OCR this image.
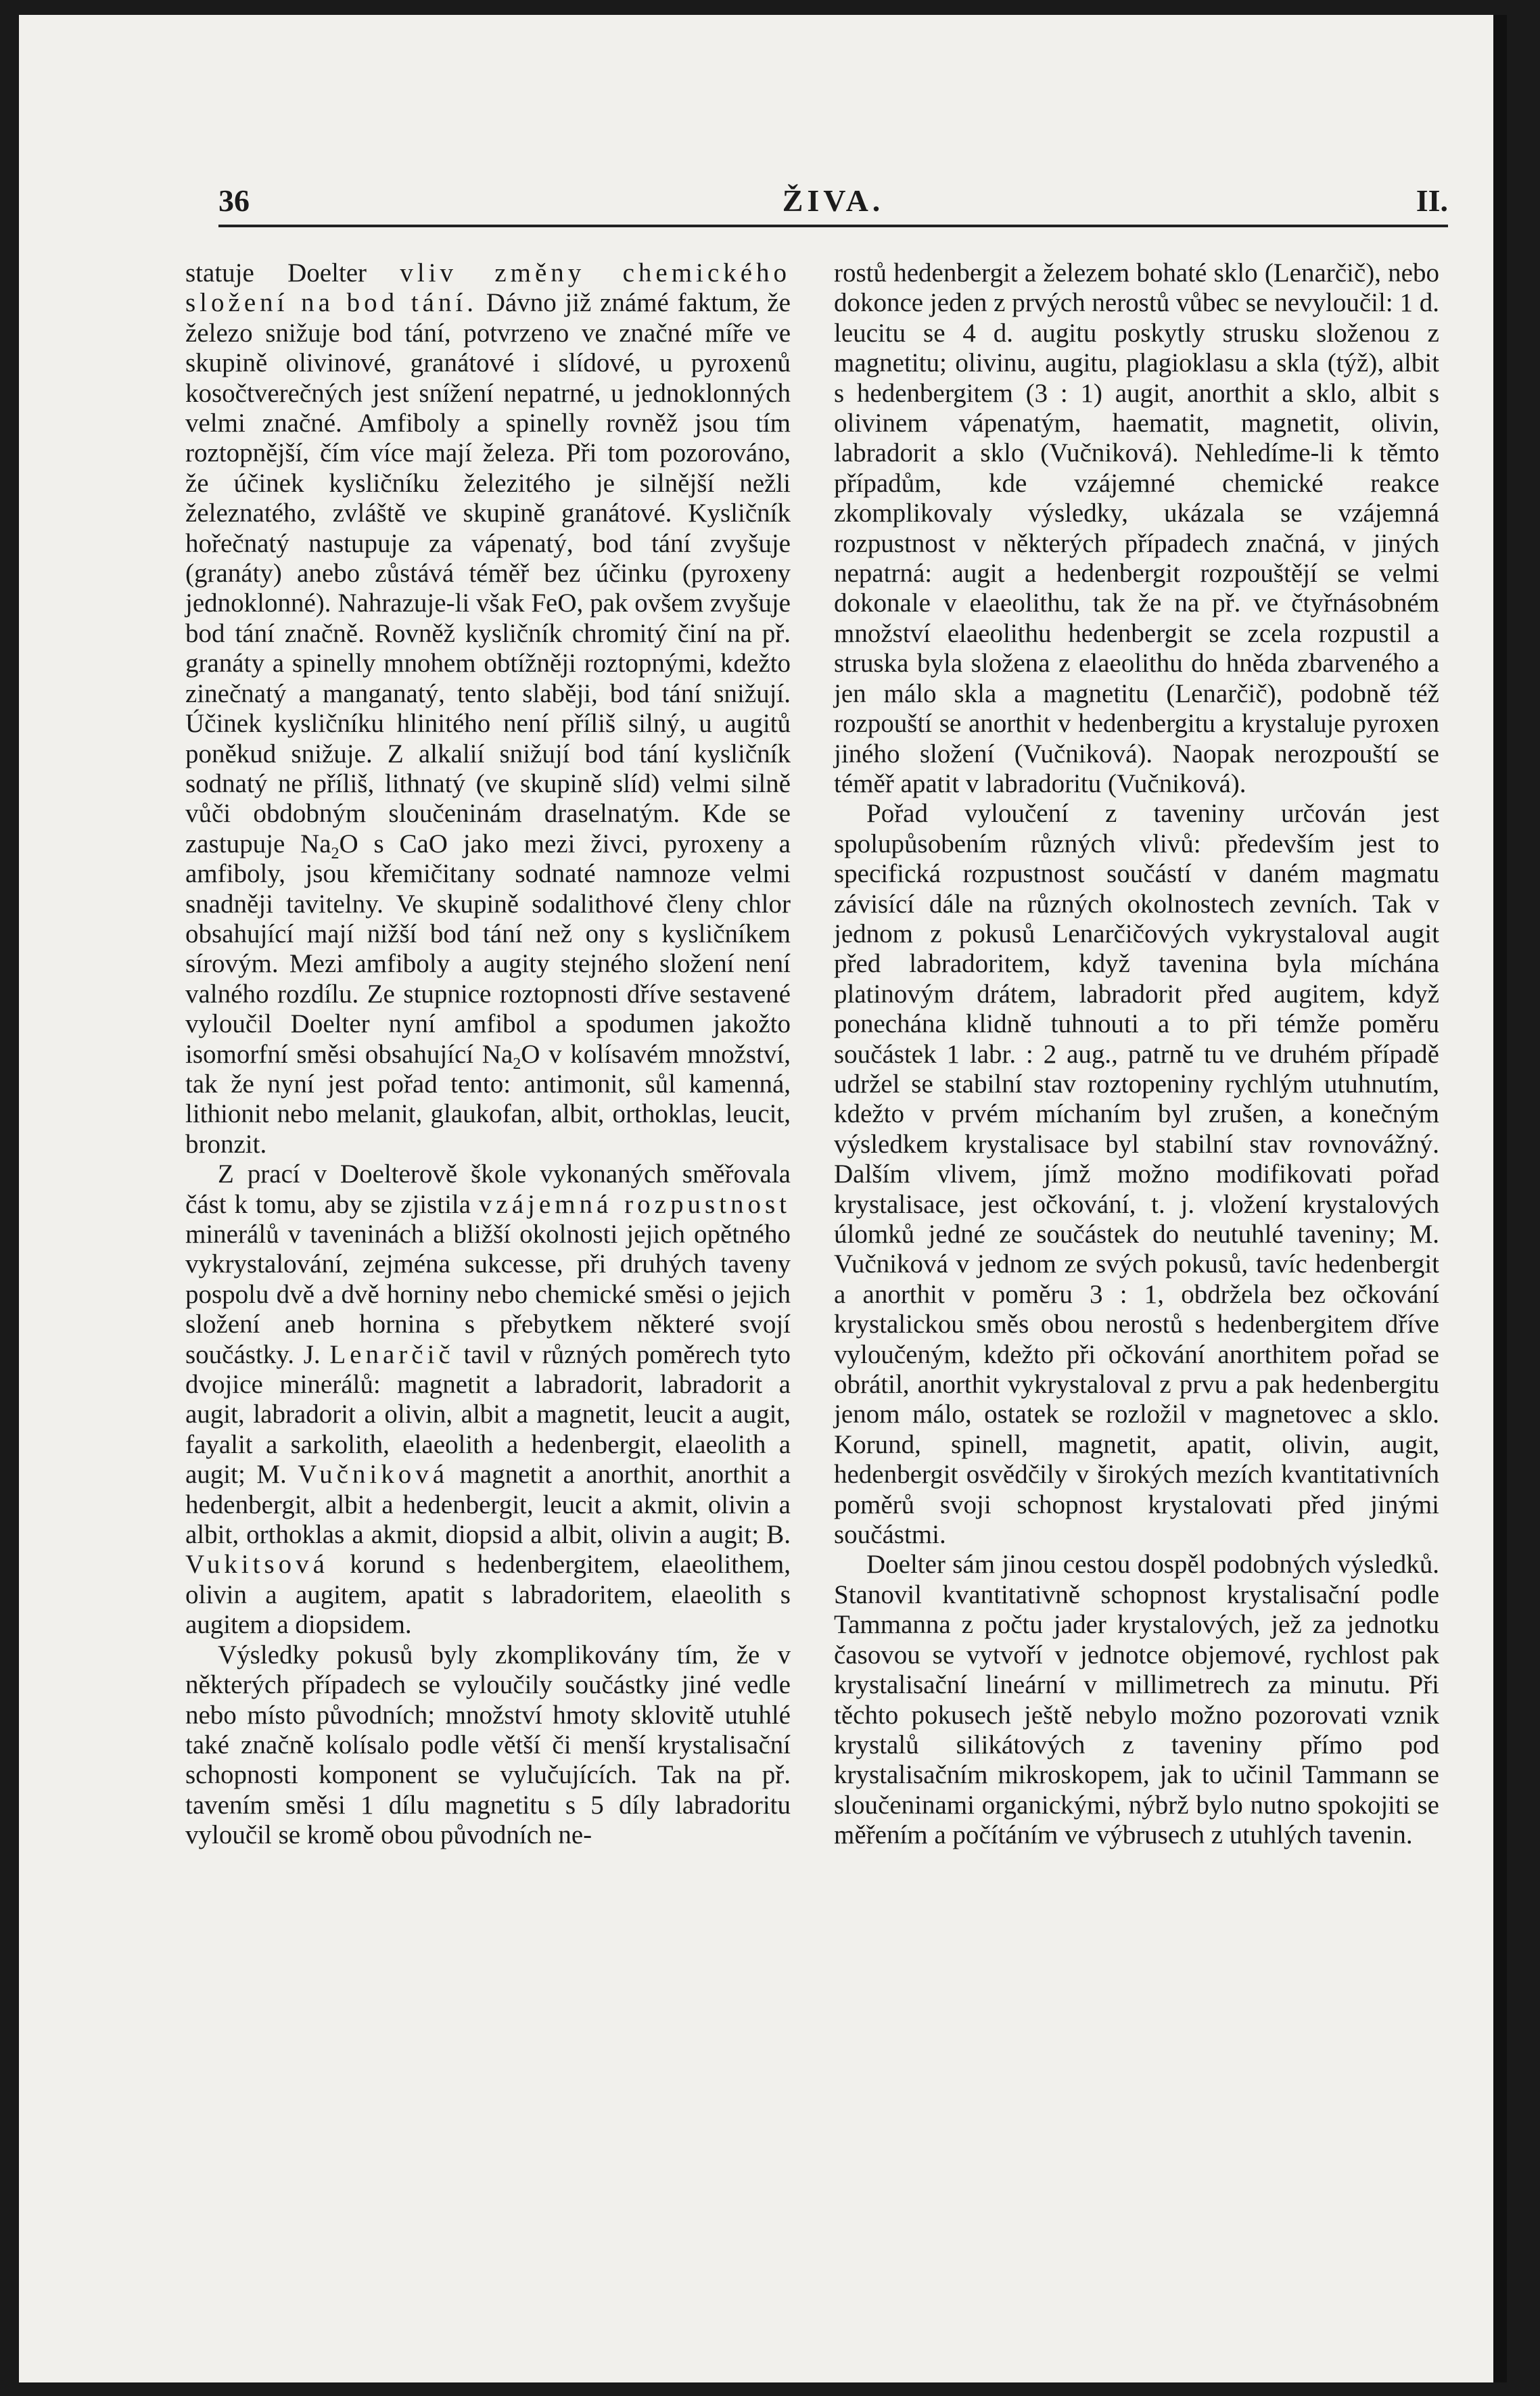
36	ŽIVA.	II.

statuje Doelter vliv změny chemického složení na bod tání. Dávno již známé faktum, že železo snižuje bod tání, potvrzeno ve značné míře ve skupině olivinové, granátové i slídové, u pyroxenů kosočtverečných jest snížení nepatrné, u jednoklonných velmi značné. Amfiboly a spinelly rovněž jsou tím roztopnější, čím více mají železa. Při tom pozorováno, že účinek kysličníku železitého je silnější nežli železnatého, zvláště ve skupině granátové. Kysličník hořečnatý nastupuje za vápenatý, bod tání zvyšuje (granáty) anebo zůstává téměř bez účinku (pyroxeny jednoklonné). Nahrazuje-li však FeO, pak ovšem zvyšuje bod tání značně. Rovněž kysličník chromitý činí na př. granáty a spinelly mnohem obtížněji roztopnými, kdežto zinečnatý a manganatý, tento slaběji, bod tání snižují. Účinek kysličníku hlinitého není příliš silný, u augitů poněkud snižuje. Z alkalií snižují bod tání kysličník sodnatý ne příliš, lithnatý (ve skupině slíd) velmi silně vůči obdobným sloučeninám draselnatým. Kde se zastupuje $Na_2O$ s CaO jako mezi živci, pyroxeny a amfiboly, jsou křemičitany sodnaté namnoze velmi snadněji tavitelny. Ve skupině sodalithové členy chlor obsahující mají nižší bod tání než ony s kysličníkem sírovým. Mezi amfiboly a augity stejného složení není valného rozdílu. Ze stupnice roztopnosti dříve sestavené vyloučil Doelter nyní amfibol a spodumen jakožto isomorfní směsi obsahující $Na_2O$ v kolísavém množství, tak že nyní jest pořad tento: antimonit, sůl kamenná, lithionit nebo melanit, glaukofan, albit, orthoklas, leucit, bronzit.

Z prací v Doelterově škole vykonaných směřovala část k tomu, aby se zjistila vzájemná rozpustnost minerálů v taveninách a bližší okolnosti jejich opětného vykrystalování, zejména sukcesse, při druhých taveny pospolu dvě a dvě horniny nebo chemické směsi o jejich složení aneb hornina s přebytkem některé svojí součástky. J. Lenarčič tavil v různých poměrech tyto dvojice minerálů: magnetit a labradorit, labradorit a augit, labradorit a olivin, albit a magnetit, leucit a augit, fayalit a sarkolith, elaeolith a hedenbergit, elaeolith a augit; M. Vučniková magnetit a anorthit, anorthit a hedenbergit, albit a hedenbergit, leucit a akmit, olivin a albit, orthoklas a akmit, diopsid a albit, olivin a augit; B. Vukitsová korund s hedenbergitem, elaeolithem, olivin a augitem, apatit s labradoritem, elaeolith s augitem a diopsidem.

Výsledky pokusů byly zkomplikovány tím, že v některých případech se vyloučily součástky jiné vedle nebo místo původních; množství hmoty sklovitě utuhlé také značně kolísalo podle větší či menší krystalisační schopnosti komponent se vylučujících. Tak na př. tavením směsi 1 dílu magnetitu s 5 díly labradoritu vyloučil se kromě obou původních ne-

rostů hedenbergit a železem bohaté sklo (Lenarčič), nebo dokonce jeden z prvých nerostů vůbec se nevyloučil: 1 d. leucitu se 4 d. augitu poskytly strusku složenou z magnetitu; olivinu, augitu, plagioklasu a skla (týž), albit s hedenbergitem (3 : 1) augit, anorthit a sklo, albit s olivinem vápenatým, haematit, magnetit, olivin, labradorit a sklo (Vučniková). Nehledíme-li k těmto případům, kde vzájemné chemické reakce zkomplikovaly výsledky, ukázala se vzájemná rozpustnost v některých případech značná, v jiných nepatrná: augit a hedenbergit rozpouštějí se velmi dokonale v elaeolithu, tak že na př. ve čtyřnásobném množství elaeolithu hedenbergit se zcela rozpustil a struska byla složena z elaeolithu do hněda zbarveného a jen málo skla a magnetitu (Lenarčič), podobně též rozpouští se anorthit v hedenbergitu a krystaluje pyroxen jiného složení (Vučniková). Naopak nerozpouští se téměř apatit v labradoritu (Vučniková).

Pořad vyloučení z taveniny určován jest spolupůsobením různých vlivů: především jest to specifická rozpustnost součástí v daném magmatu závisící dále na různých okolnostech zevních. Tak v jednom z pokusů Lenarčičových vykrystaloval augit před labradoritem, když tavenina byla míchána platinovým drátem, labradorit před augitem, když ponechána klidně tuhnouti a to při témže poměru součástek 1 labr. : 2 aug., patrně tu ve druhém případě udržel se stabilní stav roztopeniny rychlým utuhnutím, kdežto v prvém míchaním byl zrušen, a konečným výsledkem krystalisace byl stabilní stav rovnovážný. Dalším vlivem, jímž možno modifikovati pořad krystalisace, jest očkování, t. j. vložení krystalových úlomků jedné ze součástek do neutuhlé taveniny; M. Vučniková v jednom ze svých pokusů, tavíc hedenbergit a anorthit v poměru 3 : 1, obdržela bez očkování krystalickou směs obou nerostů s hedenbergitem dříve vyloučeným, kdežto při očkování anorthitem pořad se obrátil, anorthit vykrystaloval z prvu a pak hedenbergitu jenom málo, ostatek se rozložil v magnetovec a sklo. Korund, spinell, magnetit, apatit, olivin, augit, hedenbergit osvědčily v širokých mezích kvantitativních poměrů svoji schopnost krystalovati před jinými součástmi.

Doelter sám jinou cestou dospěl podobných výsledků. Stanovil kvantitativně schopnost krystalisační podle Tammanna z počtu jader krystalových, jež za jednotku časovou se vytvoří v jednotce objemové, rychlost pak krystalisační lineární v millimetrech za minutu. Při těchto pokusech ještě nebylo možno pozorovati vznik krystalů silikátových z taveniny přímo pod krystalisačním mikroskopem, jak to učinil Tammann se sloučeninami organickými, nýbrž bylo nutno spokojiti se měřením a počítáním ve výbrusech z utuhlých tavenin.
